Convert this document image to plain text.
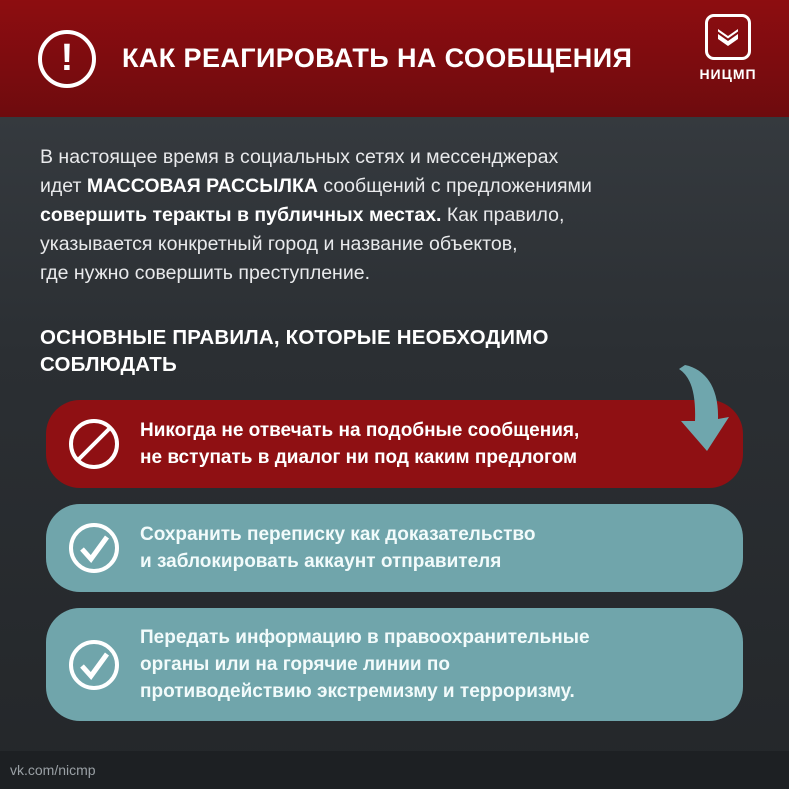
! КАК РЕАГИРОВАТЬ НА СООБЩЕНИЯ
НИЦМП
В настоящее время в социальных сетях и мессенджерах
идет МАССОВАЯ РАССЫЛКА сообщений с предложениями
совершить теракты в публичных местах. Как правило,
указывается конкретный город и название объектов,
где нужно совершить преступление.
ОСНОВНЫЕ ПРАВИЛА, КОТОРЫЕ НЕОБХОДИМО СОБЛЮДАТЬ
Никогда не отвечать на подобные сообщения,
не вступать в диалог ни под каким предлогом
Сохранить переписку как доказательство
и заблокировать аккаунт отправителя
Передать информацию в правоохранительные
органы или на горячие линии по
противодействию экстремизму и терроризму.
vk.com/nicmp
